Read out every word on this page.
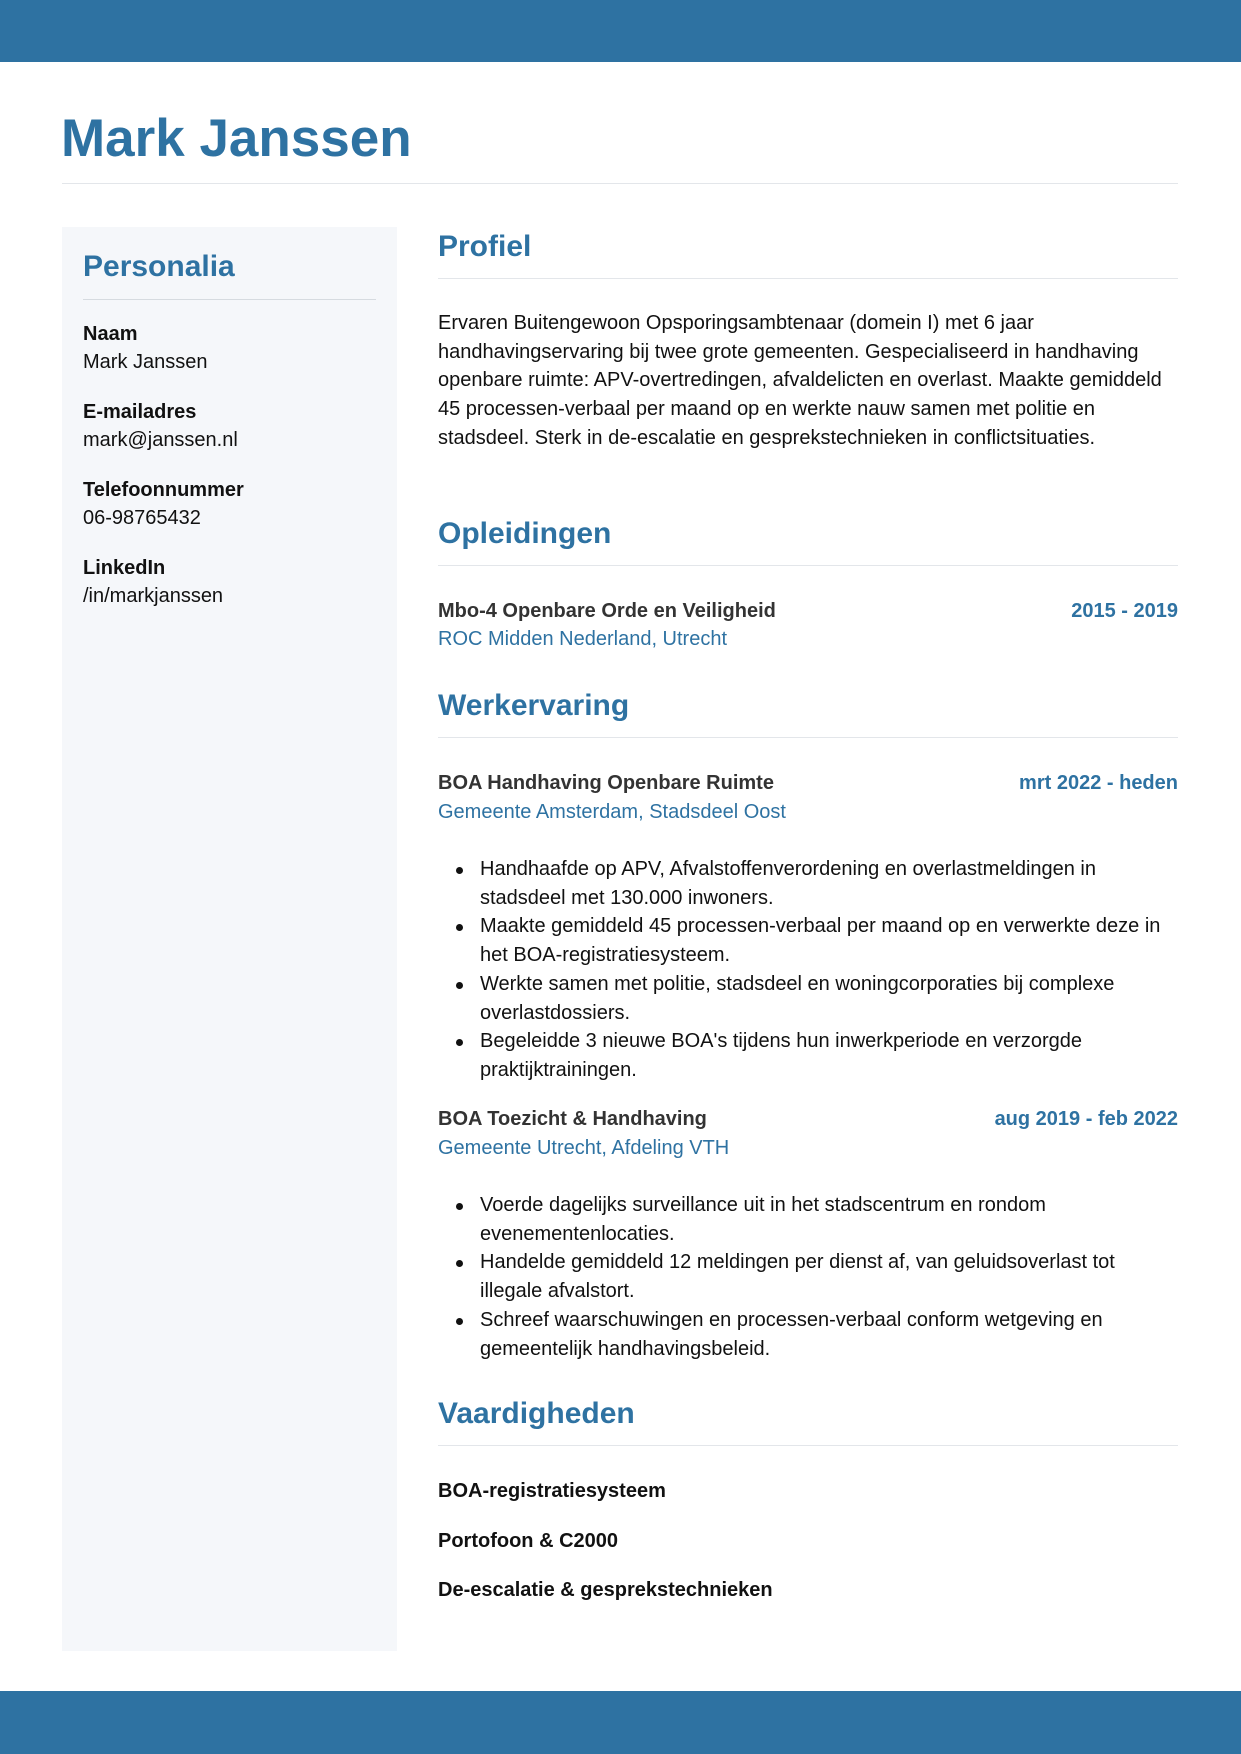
Mark Janssen
Personalia
Naam
Mark Janssen
E-mailadres
mark@janssen.nl
Telefoonnummer
06-98765432
LinkedIn
/in/markjanssen
Profiel

Ervaren Buitengewoon Opsporingsambtenaar (domein I) met 6 jaar handhavingservaring bij twee grote gemeenten. Gespecialiseerd in handhaving openbare ruimte: APV-overtredingen, afvaldelicten en overlast. Maakte gemiddeld 45 processen-verbaal per maand op en werkte nauw samen met politie en stadsdeel. Sterk in de-escalatie en gesprekstechnieken in conflictsituaties.

Opleidingen
Mbo-4 Openbare Orde en Veiligheid	2015 - 2019
ROC Midden Nederland, Utrecht
Werkervaring
BOA Handhaving Openbare Ruimte	mrt 2022 - heden
Gemeente Amsterdam, Stadsdeel Oost
Handhaafde op APV, Afvalstoffenverordening en overlastmeldingen in stadsdeel met 130.000 inwoners.
Maakte gemiddeld 45 processen-verbaal per maand op en verwerkte deze in het BOA-registratiesysteem.
Werkte samen met politie, stadsdeel en woningcorporaties bij complexe overlastdossiers.
Begeleidde 3 nieuwe BOA's tijdens hun inwerkperiode en verzorgde praktijktrainingen.
BOA Toezicht & Handhaving	aug 2019 - feb 2022
Gemeente Utrecht, Afdeling VTH
Voerde dagelijks surveillance uit in het stadscentrum en rondom evenementenlocaties.
Handelde gemiddeld 12 meldingen per dienst af, van geluidsoverlast tot illegale afvalstort.
Schreef waarschuwingen en processen-verbaal conform wetgeving en gemeentelijk handhavingsbeleid.
Vaardigheden
BOA-registratiesysteem
Portofoon & C2000
De-escalatie & gesprekstechnieken
